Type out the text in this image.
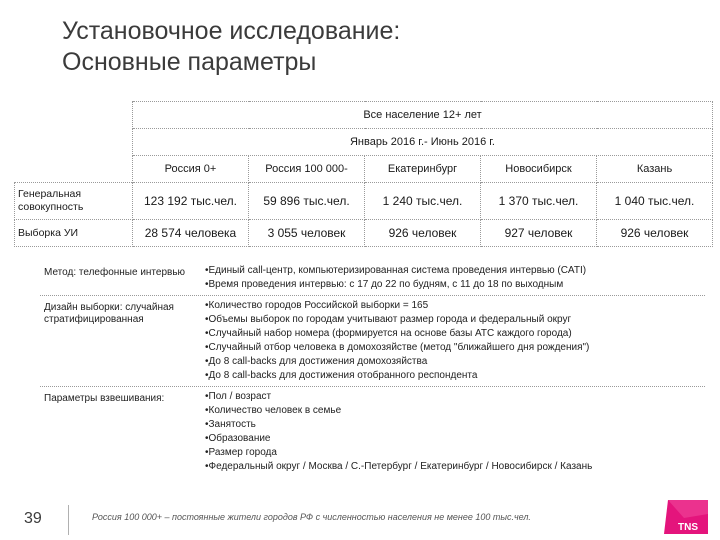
Установочное исследование:
Основные параметры
	Все население 12+ лет				
	Январь 2016 г.- Июнь 2016 г.				
	Россия 0+	Россия 100 000-	Екатеринбург	Новосибирск	Казань
Генеральная совокупность	123 192 тыс.чел.	59 896 тыс.чел.	1 240 тыс.чел.	1 370 тыс.чел.	1 040 тыс.чел.
Выборка УИ	28 574 человека	3 055 человек	926 человек	927 человек	926 человек
Метод: телефонные интервью	•Единый call-центр, компьютеризированная система проведения интервью (CATI)
•Время проведения интервью: с 17 до 22 по будням, с 11 до 18 по выходным
Дизайн выборки: случайная стратифицированная
•Количество городов Российской выборки = 165
•Объемы выборок по городам учитывают размер города и федеральный округ
•Случайный набор номера (формируется на основе базы АТС каждого города)
•Случайный отбор человека в домохозяйстве (метод "ближайшего дня рождения")
•До 8 call-backs для достижения домохозяйства
•До 8 call-backs для достижения отобранного респондента
Параметры взвешивания:	•Пол / возраст
•Количество человек в семье
•Занятость
•Образование
•Размер города
•Федеральный округ / Москва / С.-Петербург / Екатеринбург / Новосибирск / Казань
39	Россия 100 000+ – постоянные жители городов РФ с численностью населения не менее 100 тыс.чел.
TNS
